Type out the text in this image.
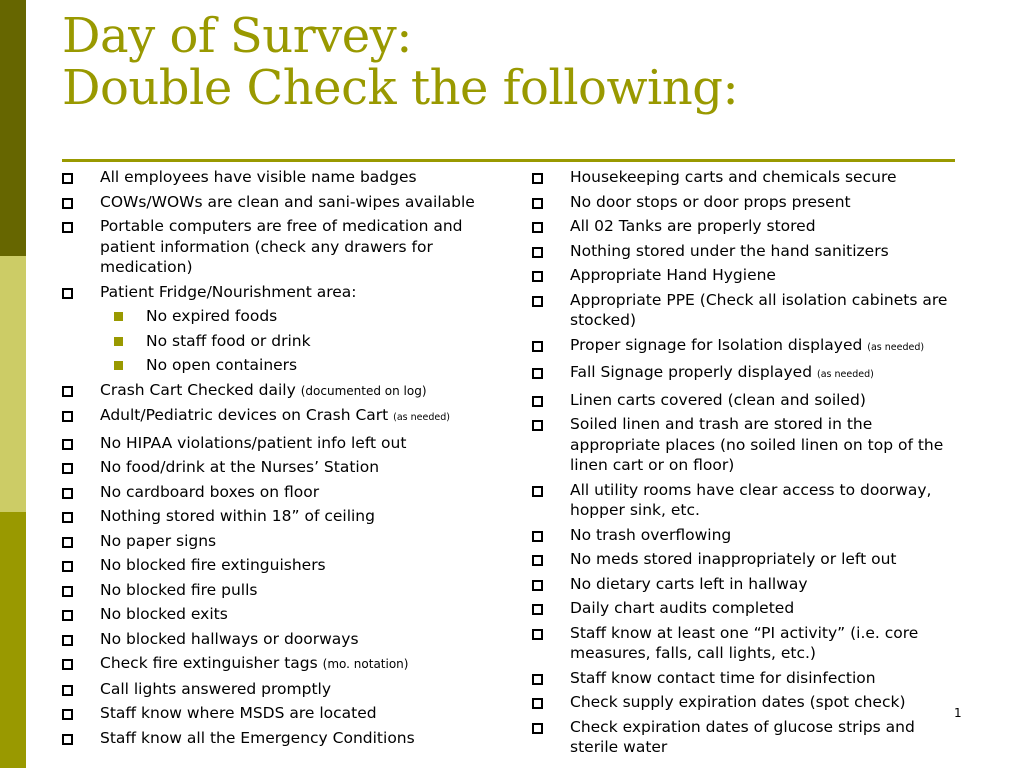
Day of Survey:
Double Check the following:
All employees have visible name badges
COWs/WOWs are clean and sani-wipes available
Portable computers are free of medication and patient information (check any drawers for medication)
Patient Fridge/Nourishment area:
No expired foods
No staff food or drink
No open containers
Crash Cart Checked daily (documented on log)
Adult/Pediatric devices on Crash Cart (as needed)
No HIPAA violations/patient info left out
No food/drink at the Nurses’ Station
No cardboard boxes on floor
Nothing stored within 18” of ceiling
No paper signs
No blocked fire extinguishers
No blocked fire pulls
No blocked exits
No blocked hallways or doorways
Check fire extinguisher tags (mo. notation)
Call lights answered promptly
Staff know where MSDS are located
Staff know all the Emergency Conditions
Housekeeping carts and chemicals secure
No door stops or door props present
All 02 Tanks are properly stored
Nothing stored under the hand sanitizers
Appropriate Hand Hygiene
Appropriate PPE (Check all isolation cabinets are stocked)
Proper signage for Isolation displayed (as needed)
Fall Signage properly displayed (as needed)
Linen carts covered (clean and soiled)
Soiled linen and trash are stored in the appropriate places (no soiled linen on top of the linen cart or on floor)
All utility rooms have clear access to doorway, hopper sink, etc.
No trash overflowing
No meds stored inappropriately or left out
No dietary carts left in hallway
Daily chart audits completed
Staff know at least one “PI activity” (i.e. core measures, falls, call lights, etc.)
Staff know contact time for disinfection
Check supply expiration dates (spot check)
Check expiration dates of glucose strips and sterile water
1
